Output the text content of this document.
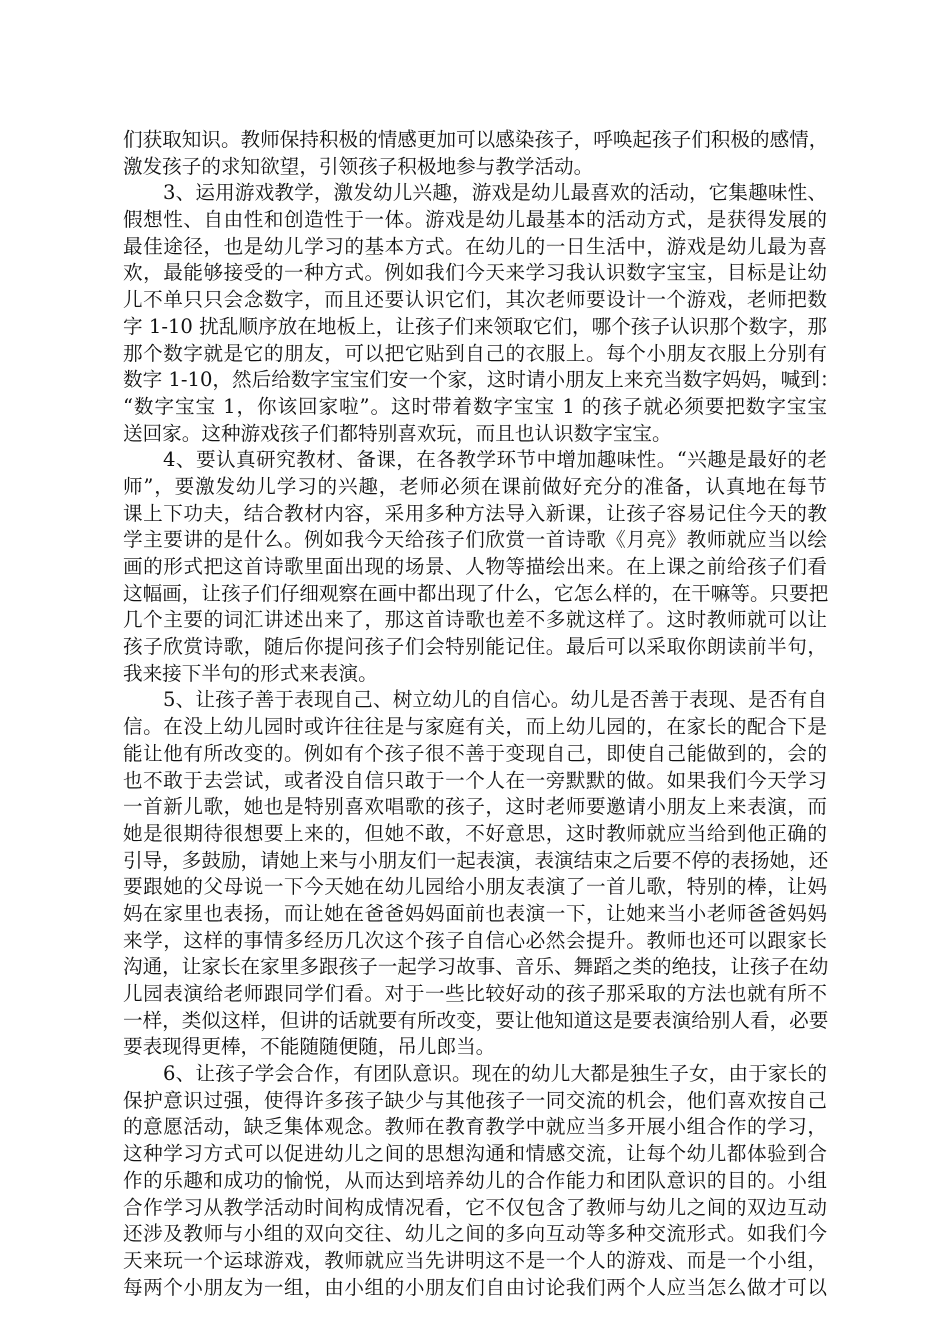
们获取知识。教师保持积极的情感更加可以感染孩子，呼唤起孩子们积极的感情，
激发孩子的求知欲望，引领孩子积极地参与教学活动。
3、运用游戏教学，激发幼儿兴趣，游戏是幼儿最喜欢的活动，它集趣味性、
假想性、自由性和创造性于一体。游戏是幼儿最基本的活动方式，是获得发展的
最佳途径，也是幼儿学习的基本方式。在幼儿的一日生活中，游戏是幼儿最为喜
欢，最能够接受的一种方式。例如我们今天来学习我认识数字宝宝，目标是让幼
儿不单只只会念数字，而且还要认识它们，其次老师要设计一个游戏，老师把数
字 1-10 扰乱顺序放在地板上，让孩子们来领取它们，哪个孩子认识那个数字，那
那个数字就是它的朋友，可以把它贴到自己的衣服上。每个小朋友衣服上分别有
数字 1-10，然后给数字宝宝们安一个家，这时请小朋友上来充当数字妈妈，喊到：
“数字宝宝 1，你该回家啦”。这时带着数字宝宝 1 的孩子就必须要把数字宝宝
送回家。这种游戏孩子们都特别喜欢玩，而且也认识数字宝宝。
4、要认真研究教材、备课，在各教学环节中增加趣味性。“兴趣是最好的老
师”，要激发幼儿学习的兴趣，老师必须在课前做好充分的准备，认真地在每节
课上下功夫，结合教材内容，采用多种方法导入新课，让孩子容易记住今天的教
学主要讲的是什么。例如我今天给孩子们欣赏一首诗歌《月亮》教师就应当以绘
画的形式把这首诗歌里面出现的场景、人物等描绘出来。在上课之前给孩子们看
这幅画，让孩子们仔细观察在画中都出现了什么，它怎么样的，在干嘛等。只要把
几个主要的词汇讲述出来了，那这首诗歌也差不多就这样了。这时教师就可以让
孩子欣赏诗歌，随后你提问孩子们会特别能记住。最后可以采取你朗读前半句，
我来接下半句的形式来表演。
5、让孩子善于表现自己、树立幼儿的自信心。幼儿是否善于表现、是否有自
信。在没上幼儿园时或许往往是与家庭有关，而上幼儿园的，在家长的配合下是
能让他有所改变的。例如有个孩子很不善于变现自己，即使自己能做到的，会的
也不敢于去尝试，或者没自信只敢于一个人在一旁默默的做。如果我们今天学习
一首新儿歌，她也是特别喜欢唱歌的孩子，这时老师要邀请小朋友上来表演，而
她是很期待很想要上来的，但她不敢，不好意思，这时教师就应当给到他正确的
引导，多鼓励，请她上来与小朋友们一起表演，表演结束之后要不停的表扬她，还
要跟她的父母说一下今天她在幼儿园给小朋友表演了一首儿歌，特别的棒，让妈
妈在家里也表扬，而让她在爸爸妈妈面前也表演一下，让她来当小老师爸爸妈妈
来学，这样的事情多经历几次这个孩子自信心必然会提升。教师也还可以跟家长
沟通，让家长在家里多跟孩子一起学习故事、音乐、舞蹈之类的绝技，让孩子在幼
儿园表演给老师跟同学们看。对于一些比较好动的孩子那采取的方法也就有所不
一样，类似这样，但讲的话就要有所改变，要让他知道这是要表演给别人看，必要
要表现得更棒，不能随随便随，吊儿郎当。
6、让孩子学会合作，有团队意识。现在的幼儿大都是独生子女，由于家长的
保护意识过强，使得许多孩子缺少与其他孩子一同交流的机会，他们喜欢按自己
的意愿活动，缺乏集体观念。教师在教育教学中就应当多开展小组合作的学习，
这种学习方式可以促进幼儿之间的思想沟通和情感交流，让每个幼儿都体验到合
作的乐趣和成功的愉悦，从而达到培养幼儿的合作能力和团队意识的目的。小组
合作学习从教学活动时间构成情况看，它不仅包含了教师与幼儿之间的双边互动
还涉及教师与小组的双向交往、幼儿之间的多向互动等多种交流形式。如我们今
天来玩一个运球游戏，教师就应当先讲明这不是一个人的游戏、而是一个小组，
每两个小朋友为一组，由小组的小朋友们自由讨论我们两个人应当怎么做才可以
